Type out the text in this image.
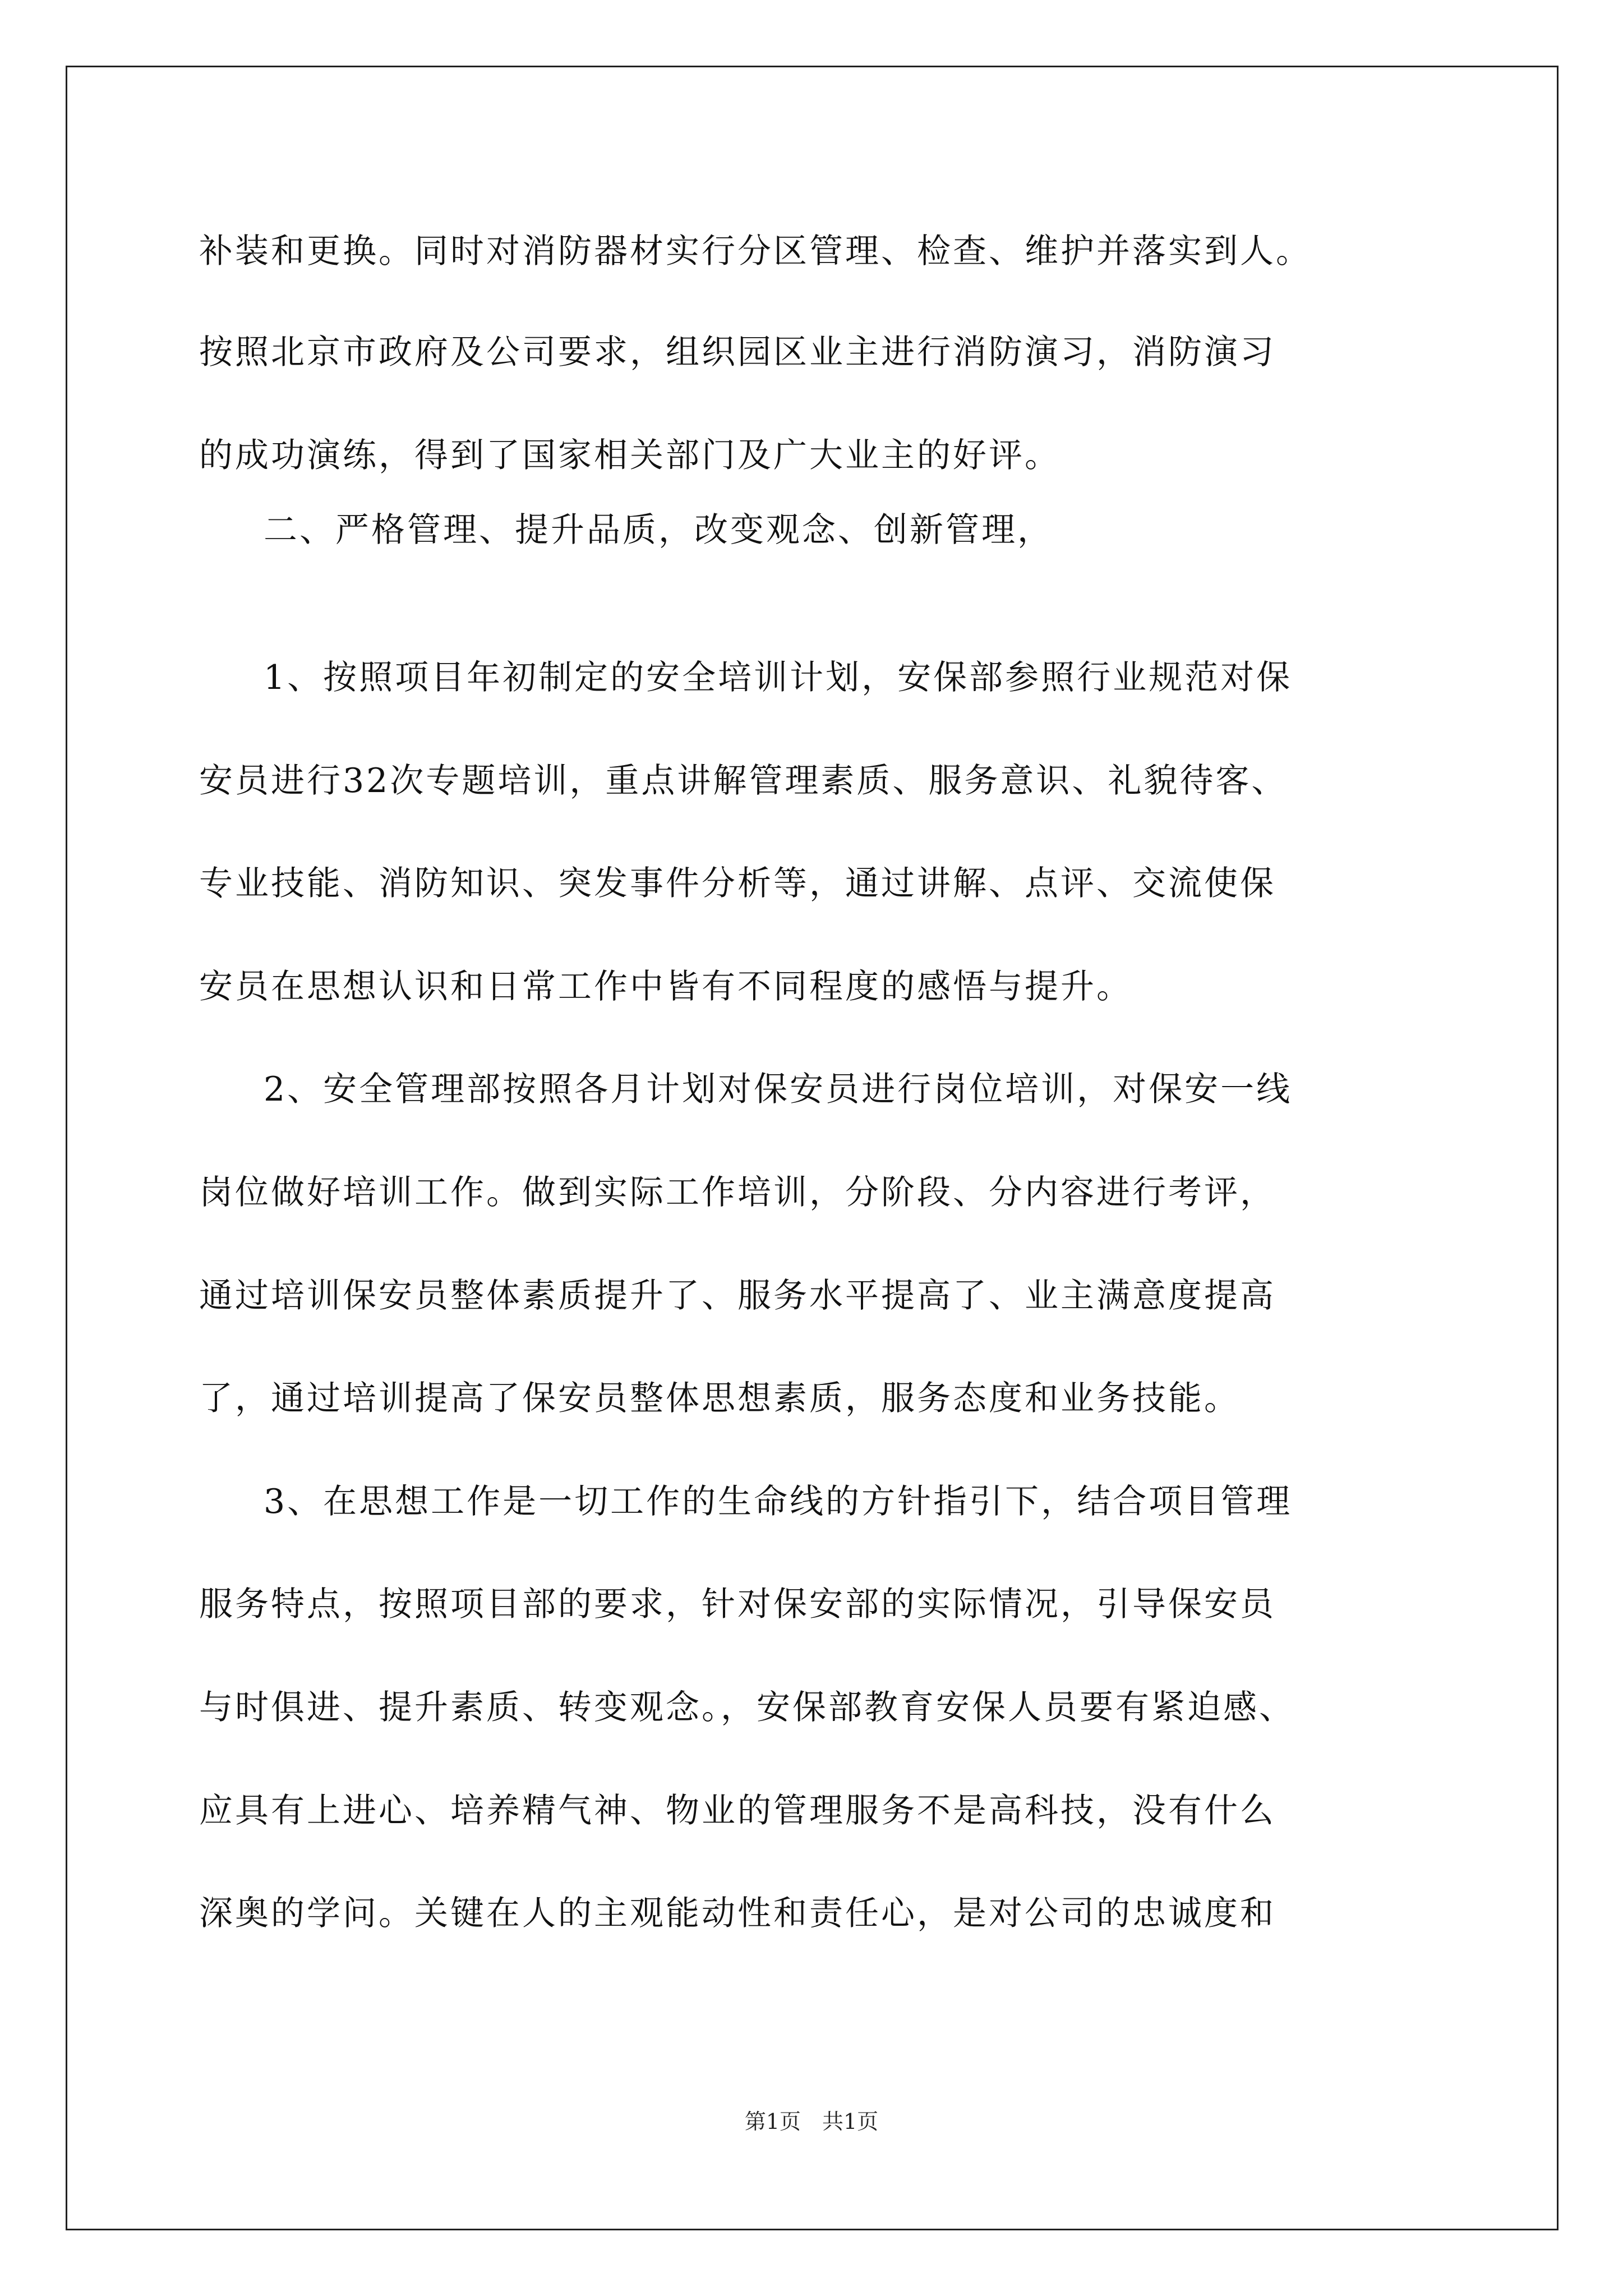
补装和更换。同时对消防器材实行分区管理、检查、维护并落实到人。
按照北京市政府及公司要求，组织园区业主进行消防演习，消防演习
的成功演练，得到了国家相关部门及广大业主的好评。
二、严格管理、提升品质，改变观念、创新管理，
1、按照项目年初制定的安全培训计划，安保部参照行业规范对保
安员进行32次专题培训，重点讲解管理素质、服务意识、礼貌待客、
专业技能、消防知识、突发事件分析等，通过讲解、点评、交流使保
安员在思想认识和日常工作中皆有不同程度的感悟与提升。
2、安全管理部按照各月计划对保安员进行岗位培训，对保安一线
岗位做好培训工作。做到实际工作培训，分阶段、分内容进行考评，
通过培训保安员整体素质提升了、服务水平提高了、业主满意度提高
了，通过培训提高了保安员整体思想素质，服务态度和业务技能。
3、在思想工作是一切工作的生命线的方针指引下，结合项目管理
服务特点，按照项目部的要求，针对保安部的实际情况，引导保安员
与时俱进、提升素质、转变观念。，安保部教育安保人员要有紧迫感、
应具有上进心、培养精气神、物业的管理服务不是高科技，没有什么
深奥的学问。关键在人的主观能动性和责任心，是对公司的忠诚度和
第1页　共1页
